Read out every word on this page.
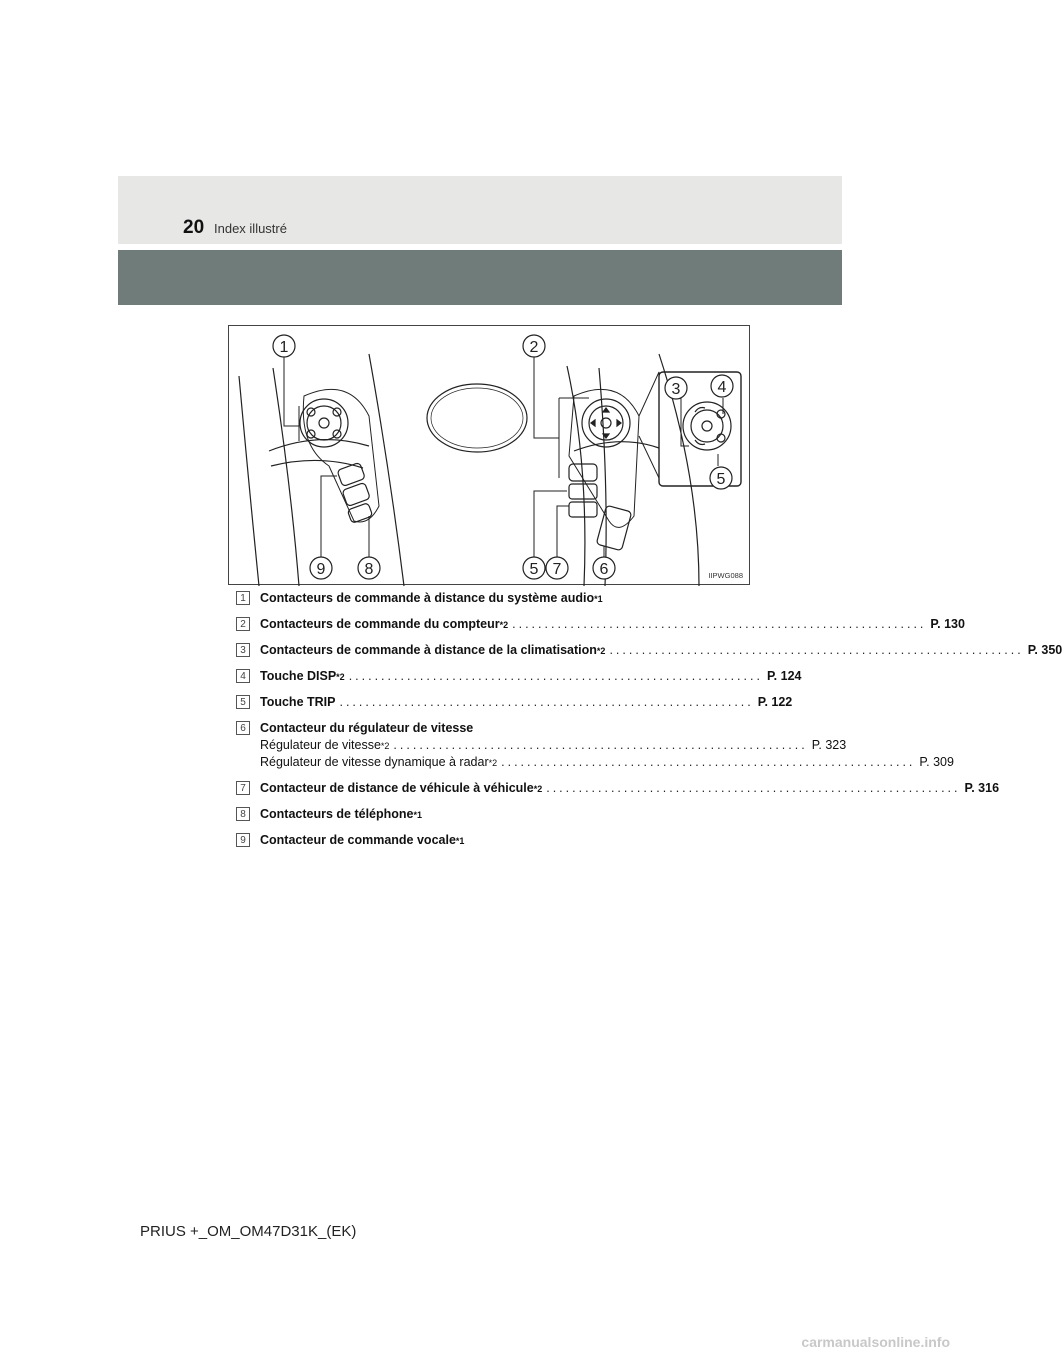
20 Index illustré
1	2
3 4
5
9 8	5 7 6	IIPWG088
1	Contacteurs de commande à distance du système audio *1
2	Contacteurs de commande du compteur *2 ................................................................ P. 130
3	Contacteurs de commande à distance de la climatisation *2 ................................................................ P. 350
4	Touche DISP *2 ................................................................ P. 124
5	Touche TRIP ................................................................ P. 122
6	Contacteur du régulateur de vitesse
Régulateur de vitesse *2 ................................................................ P. 323
Régulateur de vitesse dynamique à radar *2 ................................................................ P. 309
7	Contacteur de distance de véhicule à véhicule *2 ................................................................ P. 316
8	Contacteurs de téléphone *1
9	Contacteur de commande vocale *1
PRIUS +_OM_OM47D31K_(EK)
carmanualsonline.info
